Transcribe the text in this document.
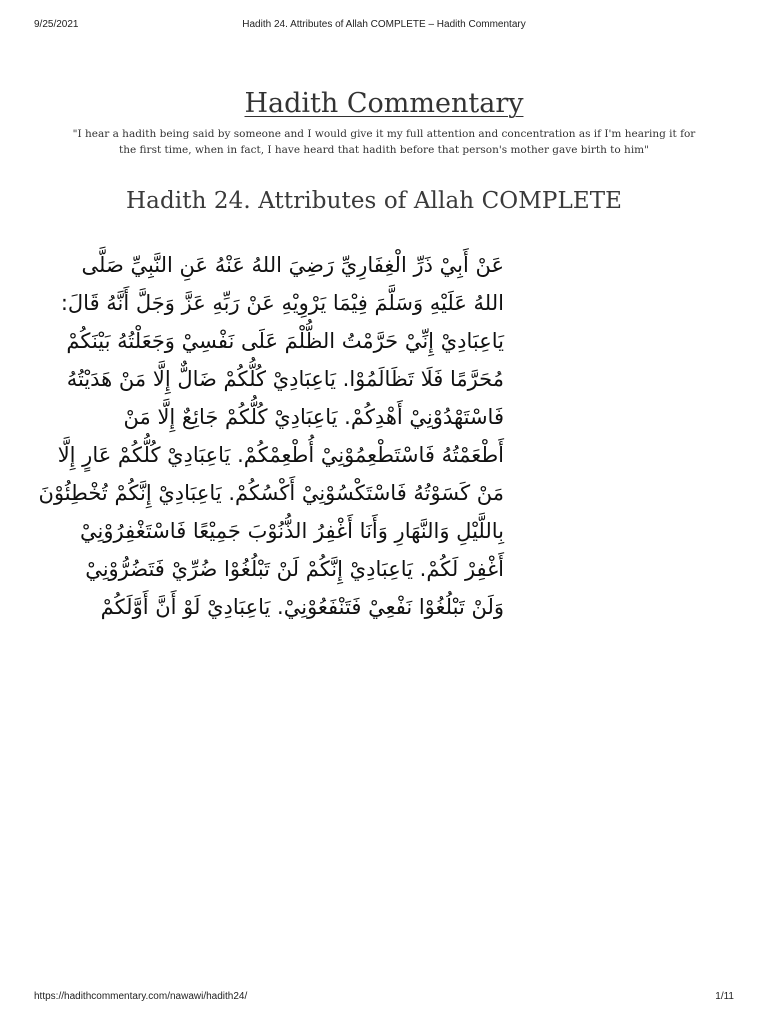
9/25/2021	Hadith 24. Attributes of Allah COMPLETE – Hadith Commentary
Hadith Commentary

"I hear a hadith being said by someone and I would give it my full attention and concentration as if I'm hearing it for the first time, when in fact, I have heard that hadith before that person's mother gave birth to him"

Hadith 24. Attributes of Allah COMPLETE
عَنْ أَبِيْ ذَرِّ الْغِفَارِيِّ رَضِيَ اللهُ عَنْهُ عَنِ النَّبِيِّ صَلَّى
اللهُ عَلَيْهِ وَسَلَّمَ فِيْمَا يَرْوِيْهِ عَنْ رَبِّهِ عَزَّ وَجَلَّ أَنَّهُ قَالَ:
يَاعِبَادِيْ إِنِّيْ حَرَّمْتُ الظُّلْمَ عَلَى نَفْسِيْ وَجَعَلْتُهُ بَيْنَكُمْ
مُحَرَّمًا فَلَا تَظَالَمُوْا. يَاعِبَادِيْ كُلُّكُمْ ضَالٌّ إِلَّا مَنْ هَدَيْتُهُ
فَاسْتَهْدُوْنِيْ أَهْدِكُمْ. يَاعِبَادِيْ كُلُّكُمْ جَائِعٌ إِلَّا مَنْ
أَطْعَمْتُهُ فَاسْتَطْعِمُوْنِيْ أُطْعِمْكُمْ. يَاعِبَادِيْ كُلُّكُمْ عَارٍ إِلَّا
مَنْ كَسَوْتُهُ فَاسْتَكْسُوْنِيْ أَكْسُكُمْ. يَاعِبَادِيْ إِنَّكُمْ تُخْطِئُوْنَ
بِاللَّيْلِ وَالنَّهَارِ وَأَنَا أَغْفِرُ الذُّنُوْبَ جَمِيْعًا فَاسْتَغْفِرُوْنِيْ
أَغْفِرْ لَكُمْ. يَاعِبَادِيْ إِنَّكُمْ لَنْ تَبْلُغُوْا ضُرِّيْ فَتَضُرُّوْنِيْ
وَلَنْ تَبْلُغُوْا نَفْعِيْ فَتَنْفَعُوْنِيْ. يَاعِبَادِيْ لَوْ أَنَّ أَوَّلَكُمْ
https://hadithcommentary.com/nawawi/hadith24/	1/11
